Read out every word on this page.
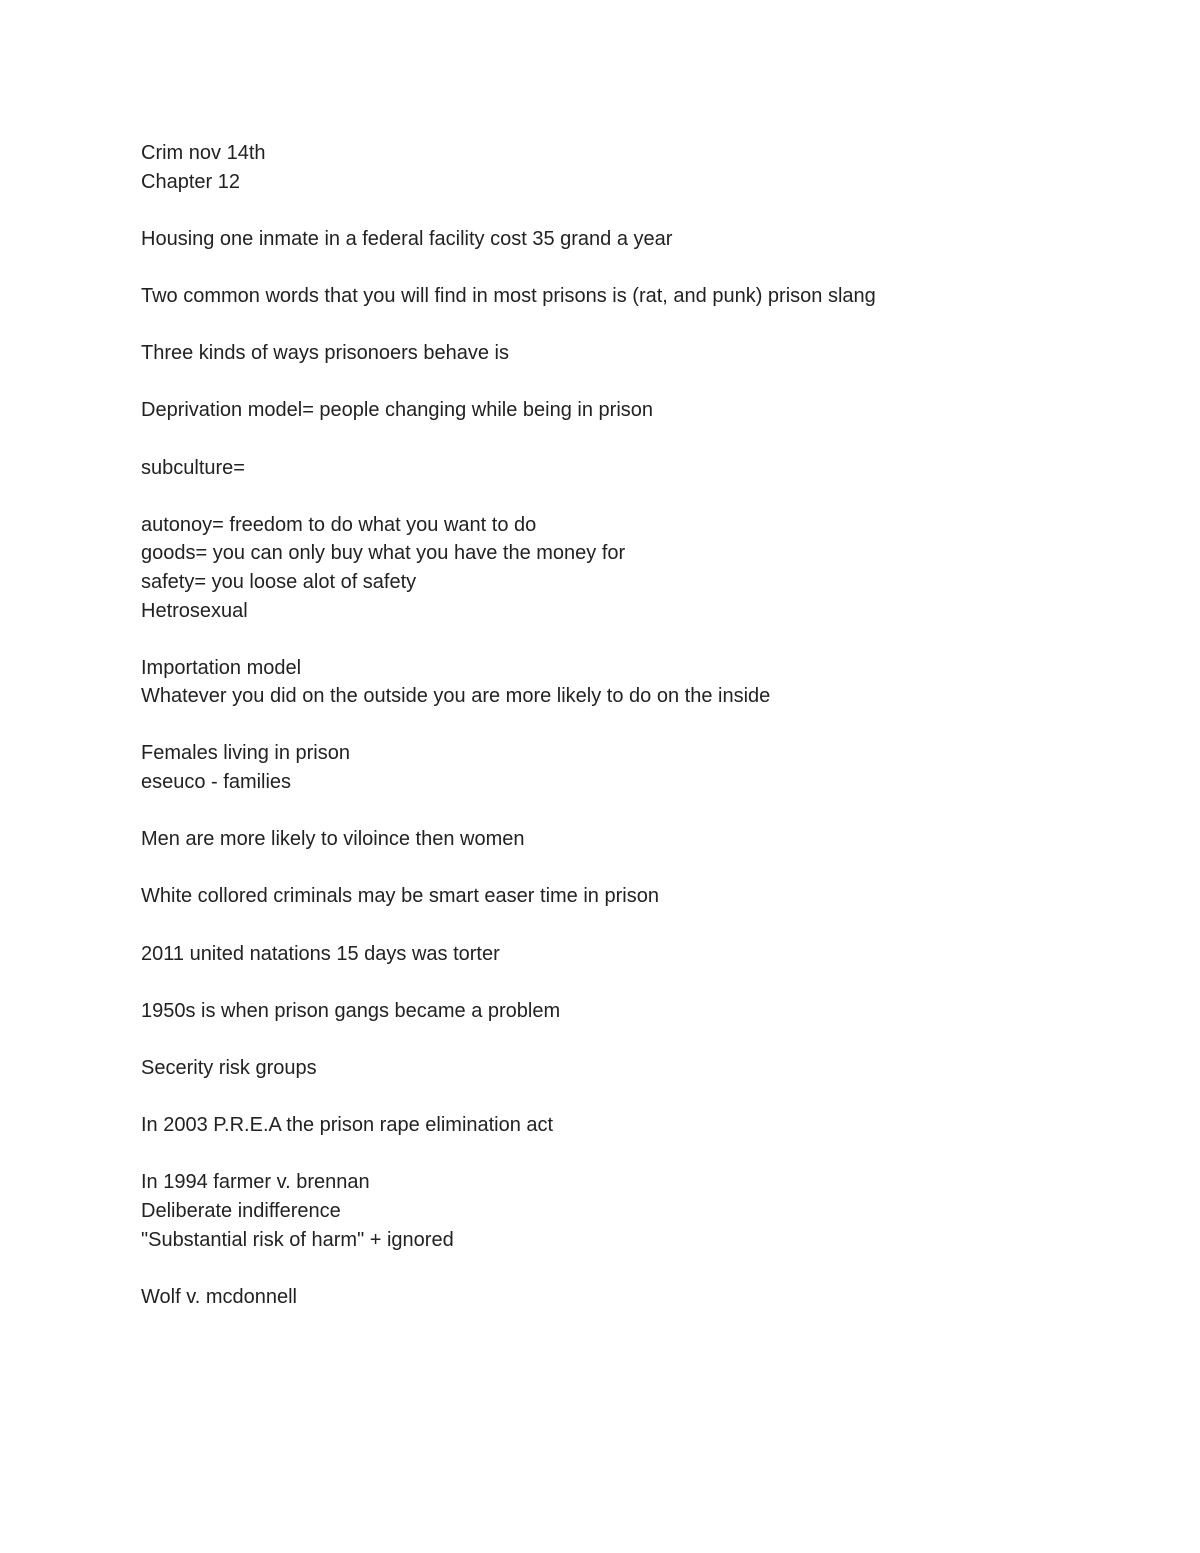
Crim nov 14th
Chapter 12
Housing one inmate in a federal facility cost 35 grand a year
Two common words that you will find in most prisons is (rat, and punk) prison slang
Three kinds of ways prisonoers behave is
Deprivation model= people changing while being in prison
subculture=
autonoy= freedom to do what you want to do
goods= you can only buy what you have the money for
safety= you loose alot of safety
Hetrosexual
Importation model
Whatever you did on the outside you are more likely to do on the inside
Females living in prison
eseuco - families
Men are more likely to viloince then women
White collored criminals may be smart easer time in prison
2011 united natations 15 days was torter
1950s is when prison gangs became a problem
Secerity risk groups
In 2003 P.R.E.A the prison rape elimination act
In 1994 farmer v. brennan
Deliberate indifference
"Substantial risk of harm" + ignored
Wolf v. mcdonnell
